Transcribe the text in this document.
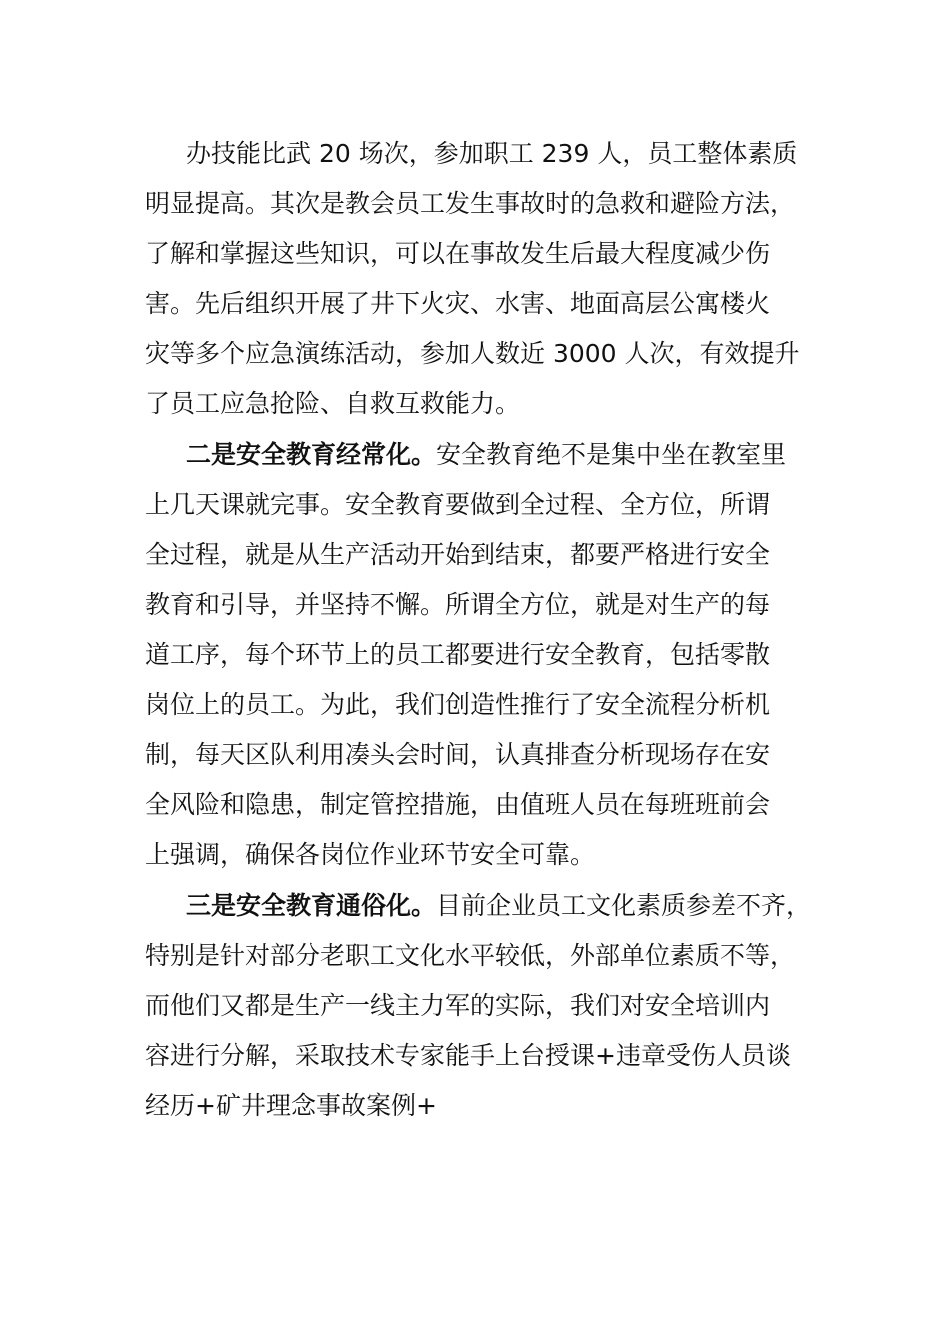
办技能比武 20 场次，参加职工 239 人，员工整体素质
明显提高。其次是教会员工发生事故时的急救和避险方法，
了解和掌握这些知识，可以在事故发生后最大程度减少伤
害。先后组织开展了井下火灾、水害、地面高层公寓楼火
灾等多个应急演练活动，参加人数近 3000 人次，有效提升
了员工应急抢险、自救互救能力。
二是安全教育经常化。安全教育绝不是集中坐在教室里
上几天课就完事。安全教育要做到全过程、全方位，所谓
全过程，就是从生产活动开始到结束，都要严格进行安全
教育和引导，并坚持不懈。所谓全方位，就是对生产的每
道工序，每个环节上的员工都要进行安全教育，包括零散
岗位上的员工。为此，我们创造性推行了安全流程分析机
制，每天区队利用凑头会时间，认真排查分析现场存在安
全风险和隐患，制定管控措施，由值班人员在每班班前会
上强调，确保各岗位作业环节安全可靠。
三是安全教育通俗化。目前企业员工文化素质参差不齐，
特别是针对部分老职工文化水平较低，外部单位素质不等，
而他们又都是生产一线主力军的实际，我们对安全培训内
容进行分解，采取技术专家能手上台授课+违章受伤人员谈
经历+矿井理念事故案例+
